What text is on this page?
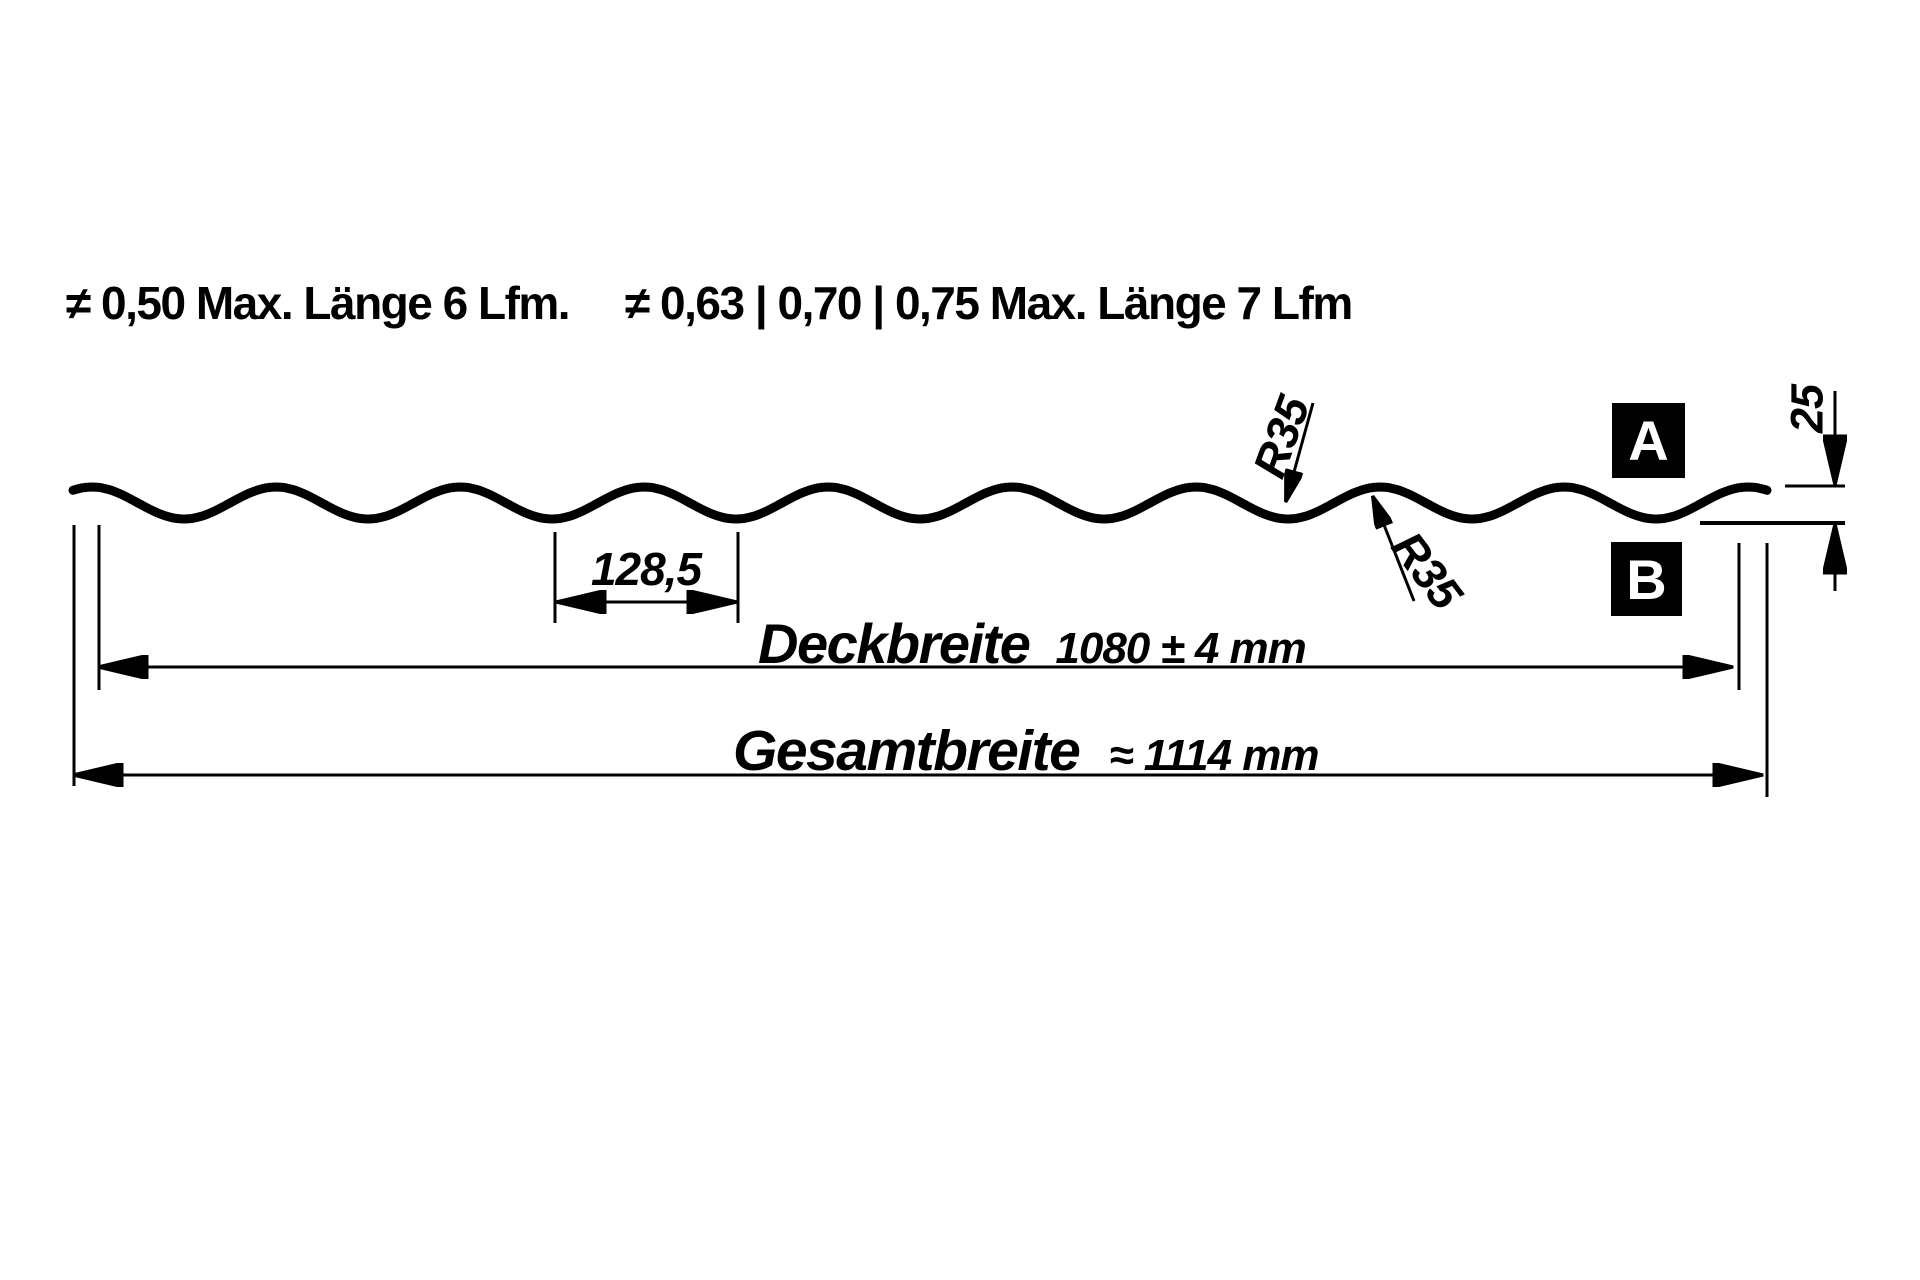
≠ 0,50 Max. Länge 6 Lfm. ≠ 0,63 | 0,70 | 0,75 Max. Länge 7 Lfm
128,5
Deckbreite 1080 ± 4 mm
Gesamtbreite ≈ 1114 mm
25
R35
R35
A
B
